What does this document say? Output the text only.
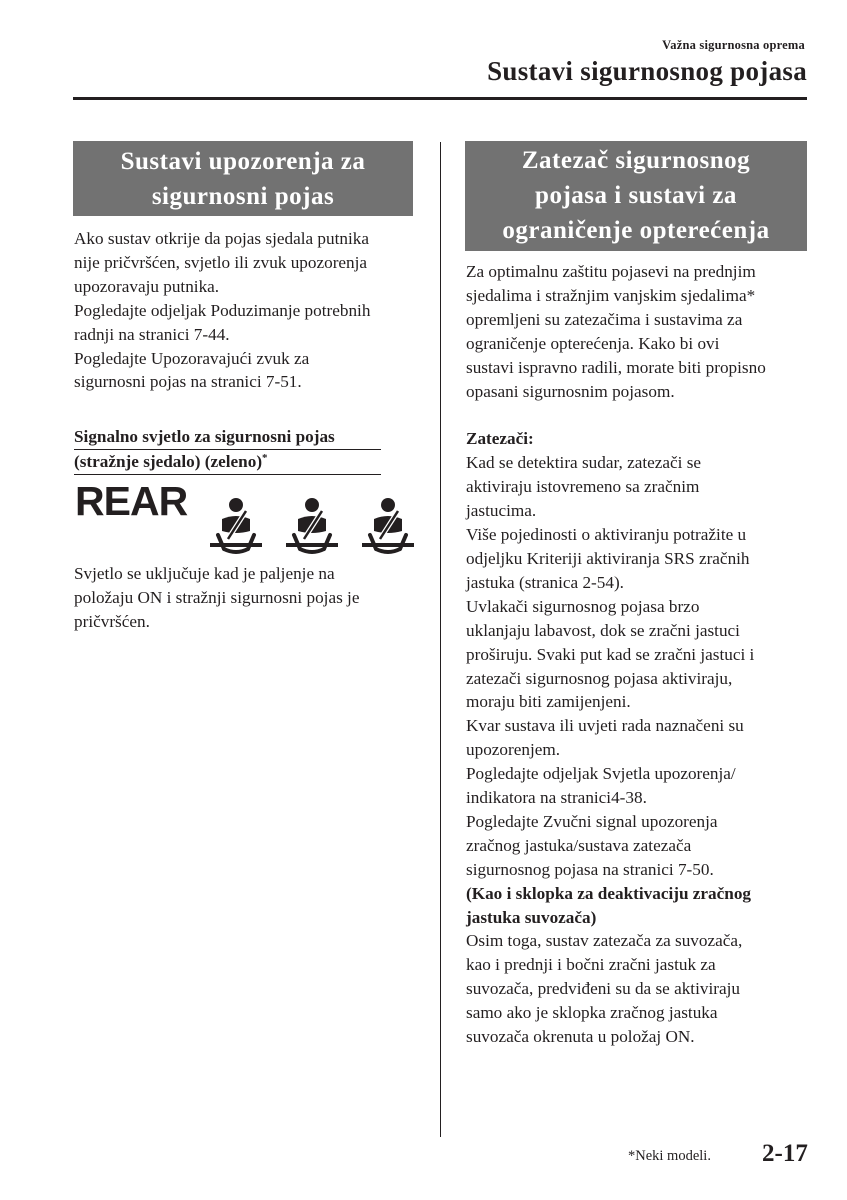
Važna sigurnosna oprema
Sustavi sigurnosnog pojasa
Sustavi upozorenja za
sigurnosni pojas

Ako sustav otkrije da pojas sjedala putnika

nije pričvršćen, svjetlo ili zvuk upozorenja

upozoravaju putnika.

Pogledajte odjeljak Poduzimanje potrebnih

radnji na stranici 7-44.

Pogledajte Upozoravajući zvuk za

sigurnosni pojas na stranici 7-51.

Signalno svjetlo za sigurnosni pojas
(stražnje sjedalo) (zeleno)*
REAR

Svjetlo se uključuje kad je paljenje na

položaju ON i stražnji sigurnosni pojas je

pričvršćen.

Zatezač sigurnosnog
pojasa i sustavi za
ograničenje opterećenja

Za optimalnu zaštitu pojasevi na prednjim

sjedalima i stražnjim vanjskim sjedalima*

opremljeni su zatezačima i sustavima za

ograničenje opterećenja. Kako bi ovi

sustavi ispravno radili, morate biti propisno

opasani sigurnosnim pojasom.

Zatezači:

Kad se detektira sudar, zatezači se

aktiviraju istovremeno sa zračnim

jastucima.

Više pojedinosti o aktiviranju potražite u

odjeljku Kriteriji aktiviranja SRS zračnih

jastuka (stranica 2-54).

Uvlakači sigurnosnog pojasa brzo

uklanjaju labavost, dok se zračni jastuci

proširuju. Svaki put kad se zračni jastuci i

zatezači sigurnosnog pojasa aktiviraju,

moraju biti zamijenjeni.

Kvar sustava ili uvjeti rada naznačeni su

upozorenjem.

Pogledajte odjeljak Svjetla upozorenja/

indikatora na stranici4-38.

Pogledajte Zvučni signal upozorenja

zračnog jastuka/sustava zatezača

sigurnosnog pojasa na stranici 7-50.

(Kao i sklopka za deaktivaciju zračnog

jastuka suvozača)

Osim toga, sustav zatezača za suvozača,

kao i prednji i bočni zračni jastuk za

suvozača, predviđeni su da se aktiviraju

samo ako je sklopka zračnog jastuka

suvozača okrenuta u položaj ON.

*Neki modeli. 2-17
